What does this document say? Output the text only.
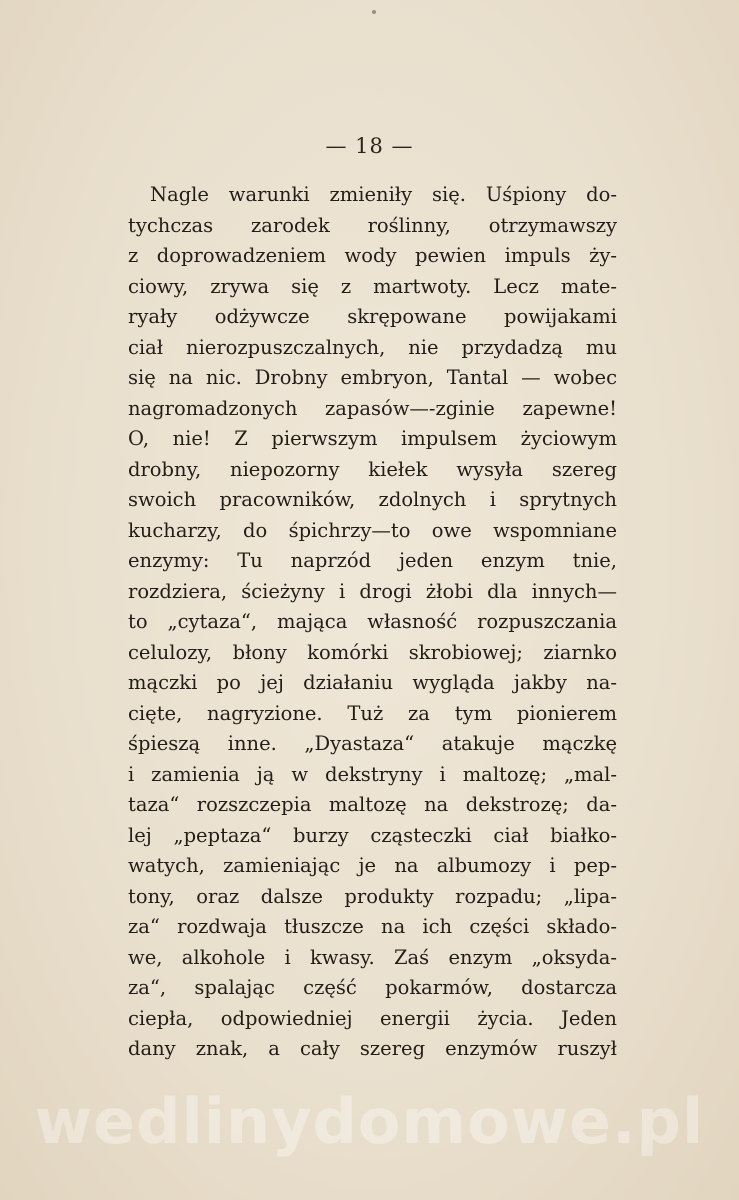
— 18 —
Nagle warunki zmieniły się. Uśpiony do-
tychczas zarodek roślinny, otrzymawszy
z doprowadzeniem wody pewien impuls ży-
ciowy, zrywa się z martwoty. Lecz mate-
ryały odżywcze skrępowane powijakami
ciał nierozpuszczalnych, nie przydadzą mu
się na nic. Drobny embryon, Tantal — wobec
nagromadzonych zapasów—-zginie zapewne!
O, nie! Z pierwszym impulsem życiowym
drobny, niepozorny kiełek wysyła szereg
swoich pracowników, zdolnych i sprytnych
kucharzy, do śpichrzy—to owe wspomniane
enzymy: Tu naprzód jeden enzym tnie,
rozdziera, ścieżyny i drogi żłobi dla innych—
to „cytaza“, mająca własność rozpuszczania
celulozy, błony komórki skrobiowej; ziarnko
mączki po jej działaniu wygląda jakby na-
cięte, nagryzione. Tuż za tym pionierem
śpieszą inne. „Dyastaza“ atakuje mączkę
i zamienia ją w dekstryny i maltozę; „mal-
taza“ rozszczepia maltozę na dekstrozę; da-
lej „peptaza“ burzy cząsteczki ciał białko-
watych, zamieniając je na albumozy i pep-
tony, oraz dalsze produkty rozpadu; „lipa-
za“ rozdwaja tłuszcze na ich części składo-
we, alkohole i kwasy. Zaś enzym „oksyda-
za“, spalając część pokarmów, dostarcza
ciepła, odpowiedniej energii życia. Jeden
dany znak, a cały szereg enzymów ruszył
wedlinydomowe.pl
